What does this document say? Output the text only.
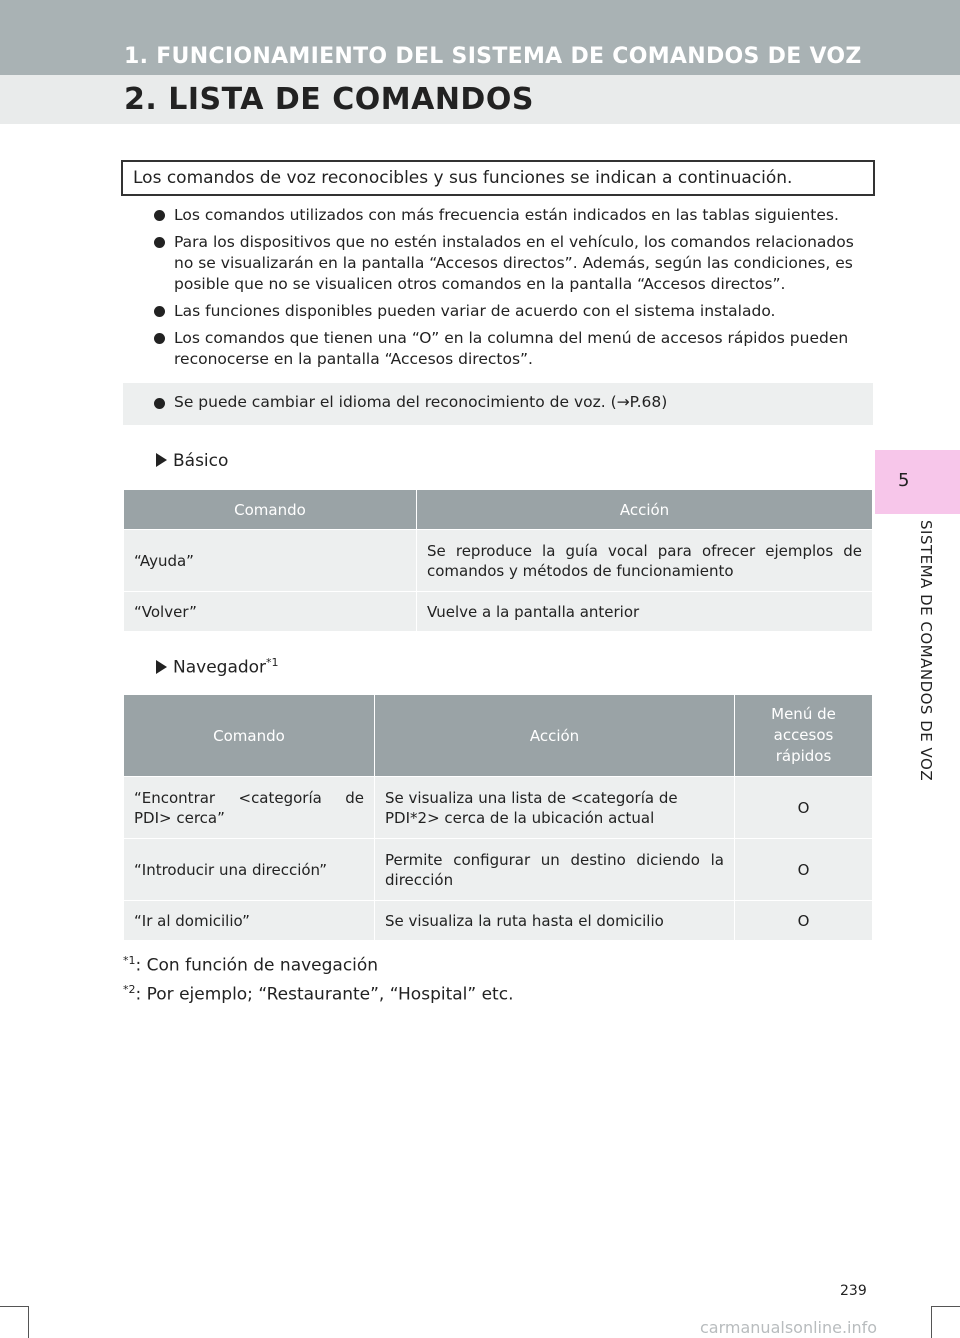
1. FUNCIONAMIENTO DEL SISTEMA DE COMANDOS DE VOZ
2. LISTA DE COMANDOS
5
SISTEMA DE COMANDOS DE VOZ
Los comandos de voz reconocibles y sus funciones se indican a continuación.
Los comandos utilizados con más frecuencia están indicados en las tablas siguientes.
Para los dispositivos que no estén instalados en el vehículo, los comandos relacionados no se visualizarán en la pantalla “Accesos directos”. Además, según las condiciones, es posible que no se visualicen otros comandos en la pantalla “Accesos directos”.
Las funciones disponibles pueden variar de acuerdo con el sistema instalado.
Los comandos que tienen una “O” en la columna del menú de accesos rápidos pueden reconocerse en la pantalla “Accesos directos”.
Se puede cambiar el idioma del reconocimiento de voz. (→P.68)
Básico
Comando	Acción
“Ayuda”	Se reproduce la guía vocal para ofrecer ejemplos de comandos y métodos de funcionamiento
“Volver”	Vuelve a la pantalla anterior
Navegador$^{*1}$
Comando	Acción	Menú de accesos rápidos
“Encontrar <categoría de PDI> cerca”	Se visualiza una lista de <categoría de PDI*2> cerca de la ubicación actual	O
“Introducir una dirección”	Permite configurar un destino diciendo la dirección	O
“Ir al domicilio”	Se visualiza la ruta hasta el domicilio	O
$^{*1}$: Con función de navegación
$^{*2}$: Por ejemplo; “Restaurante”, “Hospital” etc.
239
carmanualsonline.info
